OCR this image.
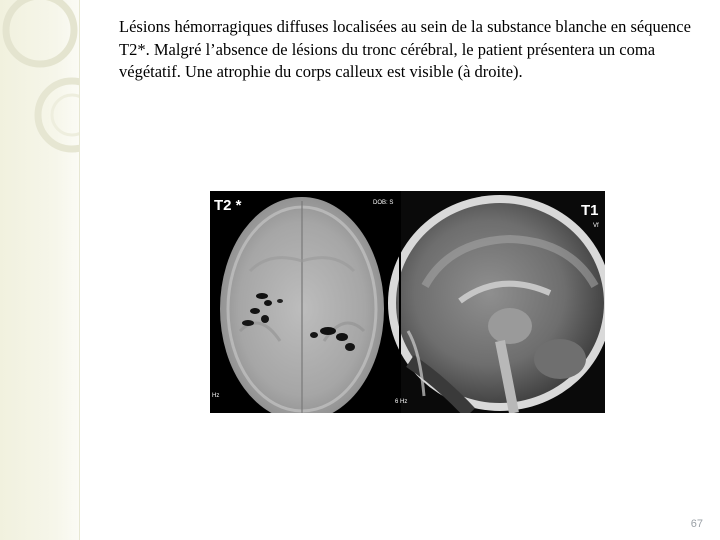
Lésions hémorragiques diffuses localisées au sein de la substance blanche en séquence T2*. Malgré l’absence de lésions du tronc cérébral, le patient présentera un coma végétatif. Une atrophie du corps calleux est visible (à droite).

T2 *	T1
DOB: S
Vf
Hz
6 Hz
67
